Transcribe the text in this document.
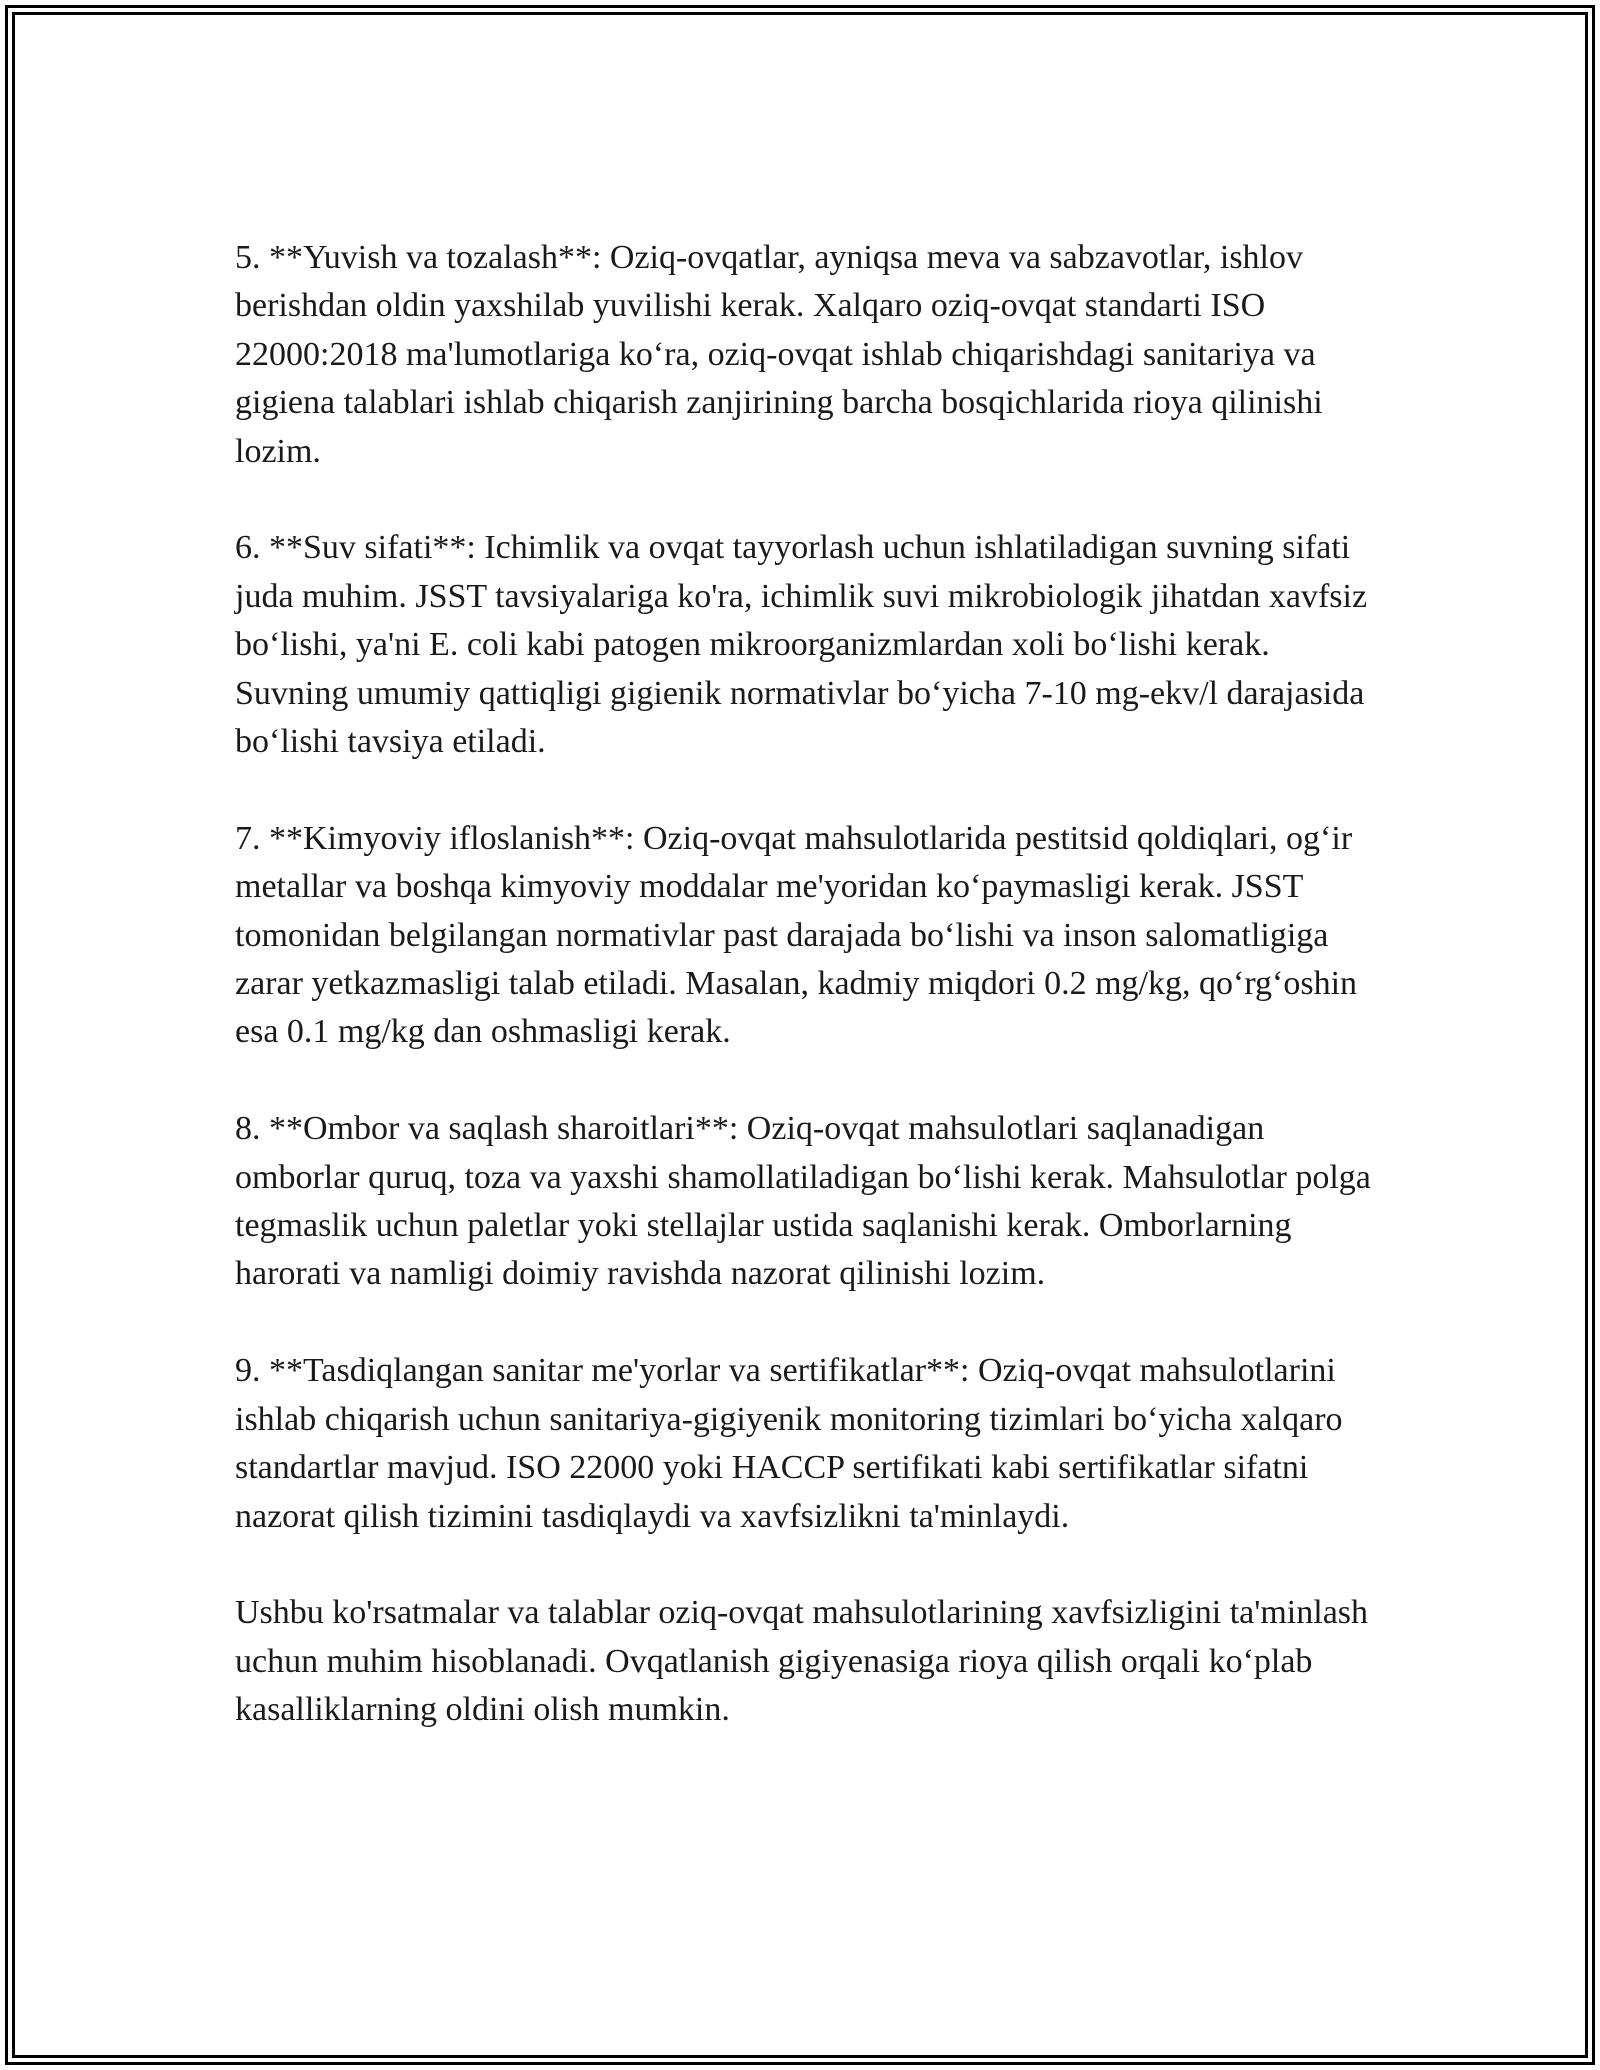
5. **Yuvish va tozalash**: Oziq-ovqatlar, ayniqsa meva va sabzavotlar, ishlov berishdan oldin yaxshilab yuvilishi kerak. Xalqaro oziq-ovqat standarti ISO 22000:2018 ma'lumotlariga ko‘ra, oziq-ovqat ishlab chiqarishdagi sanitariya va gigiena talablari ishlab chiqarish zanjirining barcha bosqichlarida rioya qilinishi lozim.

6. **Suv sifati**: Ichimlik va ovqat tayyorlash uchun ishlatiladigan suvning sifati juda muhim. JSST tavsiyalariga ko'ra, ichimlik suvi mikrobiologik jihatdan xavfsiz bo‘lishi, ya'ni E. coli kabi patogen mikroorganizmlardan xoli bo‘lishi kerak. Suvning umumiy qattiqligi gigienik normativlar bo‘yicha 7-10 mg-ekv/l darajasida bo‘lishi tavsiya etiladi.

7. **Kimyoviy ifloslanish**: Oziq-ovqat mahsulotlarida pestitsid qoldiqlari, og‘ir metallar va boshqa kimyoviy moddalar me'yoridan ko‘paymasligi kerak. JSST tomonidan belgilangan normativlar past darajada bo‘lishi va inson salomatligiga zarar yetkazmasligi talab etiladi. Masalan, kadmiy miqdori 0.2 mg/kg, qo‘rg‘oshin esa 0.1 mg/kg dan oshmasligi kerak.

8. **Ombor va saqlash sharoitlari**: Oziq-ovqat mahsulotlari saqlanadigan omborlar quruq, toza va yaxshi shamollatiladigan bo‘lishi kerak. Mahsulotlar polga tegmaslik uchun paletlar yoki stellajlar ustida saqlanishi kerak. Omborlarning harorati va namligi doimiy ravishda nazorat qilinishi lozim.

9. **Tasdiqlangan sanitar me'yorlar va sertifikatlar**: Oziq-ovqat mahsulotlarini ishlab chiqarish uchun sanitariya-gigiyenik monitoring tizimlari bo‘yicha xalqaro standartlar mavjud. ISO 22000 yoki HACCP sertifikati kabi sertifikatlar sifatni nazorat qilish tizimini tasdiqlaydi va xavfsizlikni ta'minlaydi.

Ushbu ko'rsatmalar va talablar oziq-ovqat mahsulotlarining xavfsizligini ta'minlash uchun muhim hisoblanadi. Ovqatlanish gigiyenasiga rioya qilish orqali ko‘plab kasalliklarning oldini olish mumkin.
